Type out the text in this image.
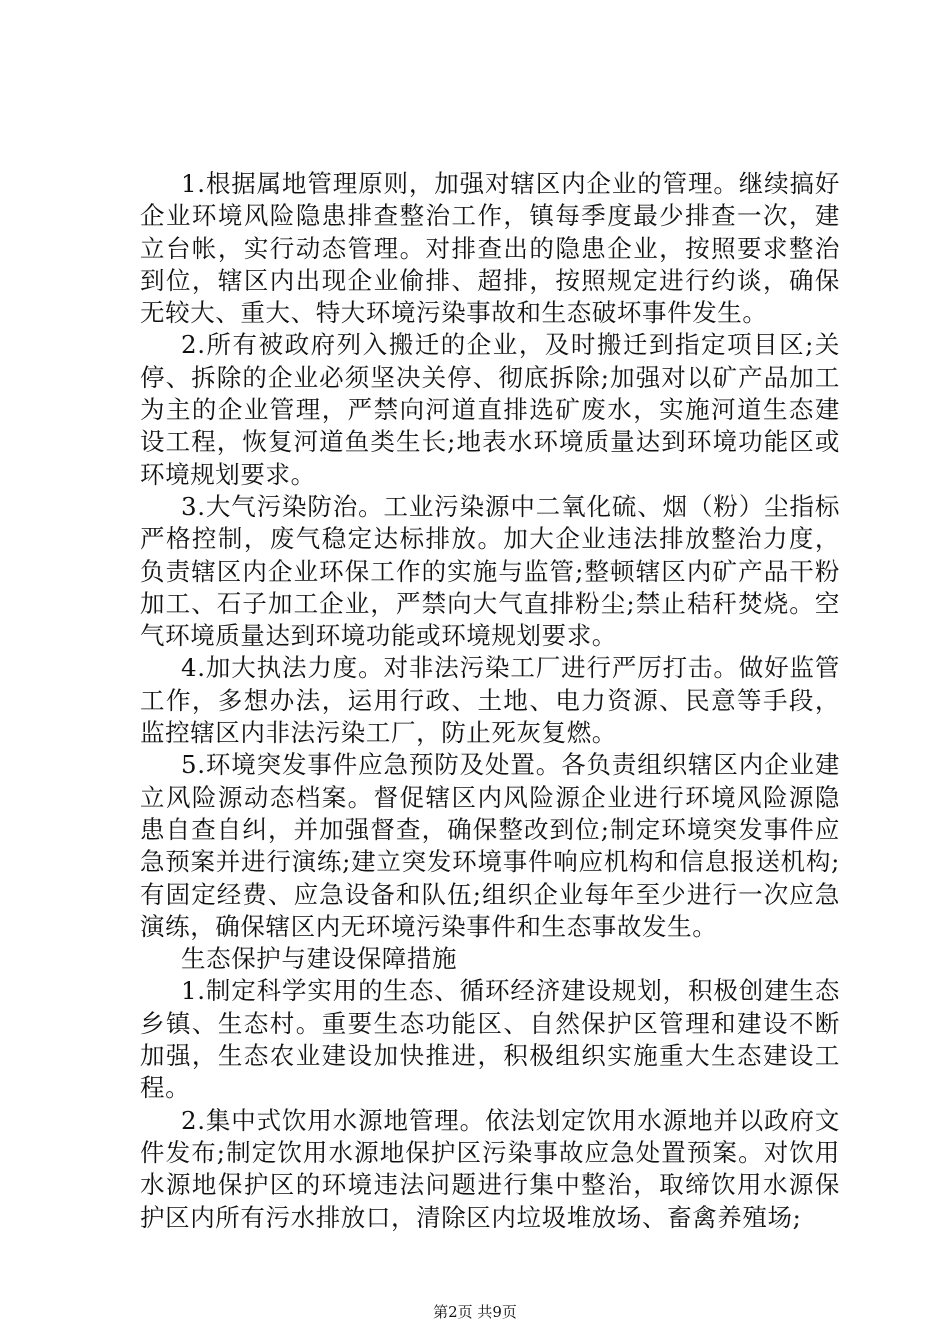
1.根据属地管理原则，加强对辖区内企业的管理。继续搞好企业环境风险隐患排查整治工作，镇每季度最少排查一次，建立台帐，实行动态管理。对排查出的隐患企业，按照要求整治到位，辖区内出现企业偷排、超排，按照规定进行约谈，确保无较大、重大、特大环境污染事故和生态破坏事件发生。

2.所有被政府列入搬迁的企业，及时搬迁到指定项目区;关停、拆除的企业必须坚决关停、彻底拆除;加强对以矿产品加工为主的企业管理，严禁向河道直排选矿废水，实施河道生态建设工程，恢复河道鱼类生长;地表水环境质量达到环境功能区或环境规划要求。

3.大气污染防治。工业污染源中二氧化硫、烟（粉）尘指标严格控制，废气稳定达标排放。加大企业违法排放整治力度，负责辖区内企业环保工作的实施与监管;整顿辖区内矿产品干粉加工、石子加工企业，严禁向大气直排粉尘;禁止秸秆焚烧。空气环境质量达到环境功能或环境规划要求。

4.加大执法力度。对非法污染工厂进行严厉打击。做好监管工作，多想办法，运用行政、土地、电力资源、民意等手段，监控辖区内非法污染工厂，防止死灰复燃。

5.环境突发事件应急预防及处置。各负责组织辖区内企业建立风险源动态档案。督促辖区内风险源企业进行环境风险源隐患自查自纠，并加强督查，确保整改到位;制定环境突发事件应急预案并进行演练;建立突发环境事件响应机构和信息报送机构;有固定经费、应急设备和队伍;组织企业每年至少进行一次应急演练，确保辖区内无环境污染事件和生态事故发生。

生态保护与建设保障措施

1.制定科学实用的生态、循环经济建设规划，积极创建生态乡镇、生态村。重要生态功能区、自然保护区管理和建设不断加强，生态农业建设加快推进，积极组织实施重大生态建设工程。

2.集中式饮用水源地管理。依法划定饮用水源地并以政府文件发布;制定饮用水源地保护区污染事故应急处置预案。对饮用水源地保护区的环境违法问题进行集中整治，取缔饮用水源保护区内所有污水排放口，清除区内垃圾堆放场、畜禽养殖场;

第2页 共9页
